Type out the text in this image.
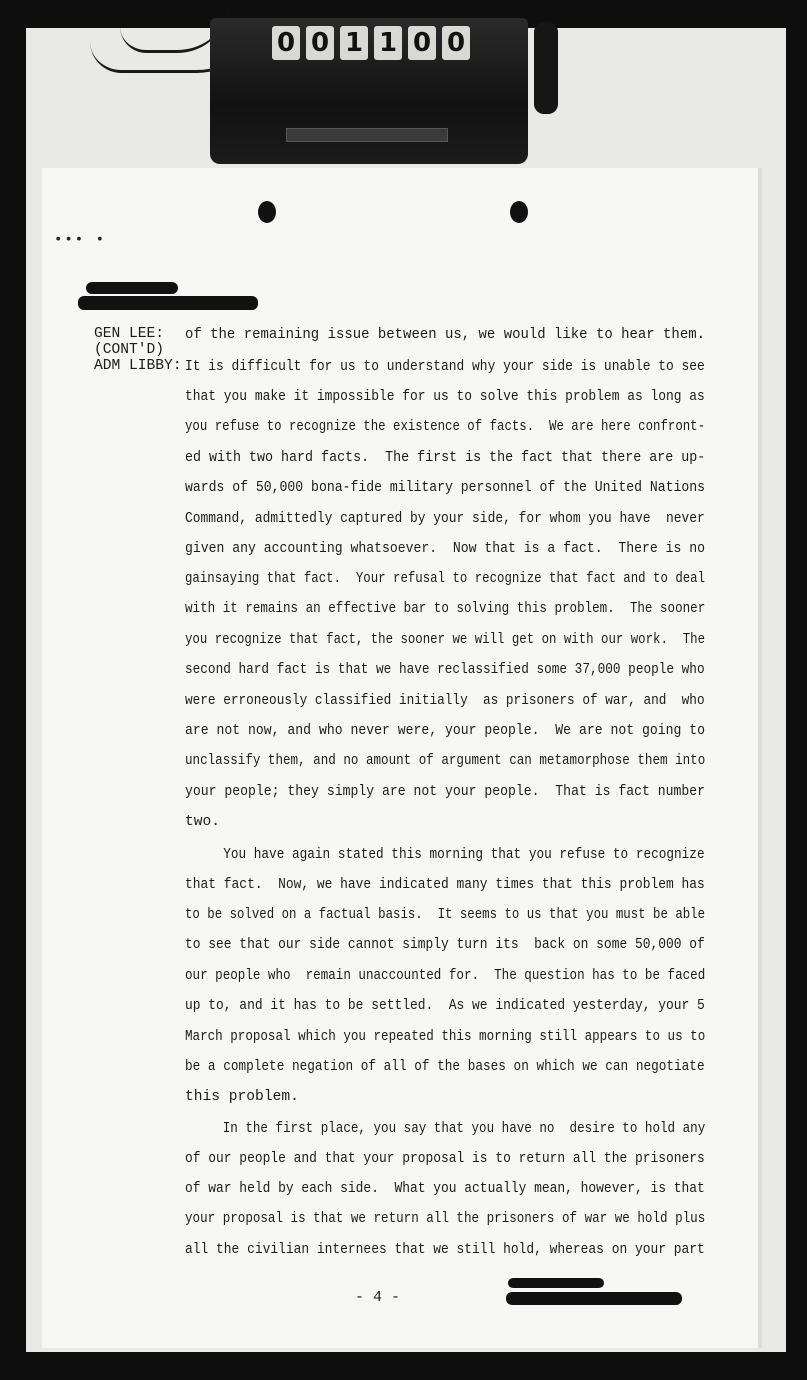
0 0 1 1 0 0
••• •
GEN LEE:
(CONT'D)
ADM LIBBY:
of the remaining issue between us, we would like to hear them.
It is difficult for us to understand why your side is unable to see
that you make it impossible for us to solve this problem as long as
you refuse to recognize the existence of facts.  We are here confront-
ed with two hard facts.  The first is the fact that there are up-
wards of 50,000 bona-fide military personnel of the United Nations
Command, admittedly captured by your side, for whom you have  never
given any accounting whatsoever.  Now that is a fact.  There is no
gainsaying that fact.  Your refusal to recognize that fact and to deal
with it remains an effective bar to solving this problem.  The sooner
you recognize that fact, the sooner we will get on with our work.  The
second hard fact is that we have reclassified some 37,000 people who
were erroneously classified initially  as prisoners of war, and  who
are not now, and who never were, your people.  We are not going to
unclassify them, and no amount of argument can metamorphose them into
your people; they simply are not your people.  That is fact number
two.
You have again stated this morning that you refuse to recognize
that fact.  Now, we have indicated many times that this problem has
to be solved on a factual basis.  It seems to us that you must be able
to see that our side cannot simply turn its  back on some 50,000 of
our people who  remain unaccounted for.  The question has to be faced
up to, and it has to be settled.  As we indicated yesterday, your 5
March proposal which you repeated this morning still appears to us to
be a complete negation of all of the bases on which we can negotiate
this problem.
In the first place, you say that you have no  desire to hold any
of our people and that your proposal is to return all the prisoners
of war held by each side.  What you actually mean, however, is that
your proposal is that we return all the prisoners of war we hold plus
all the civilian internees that we still hold, whereas on your part
- 4 -
